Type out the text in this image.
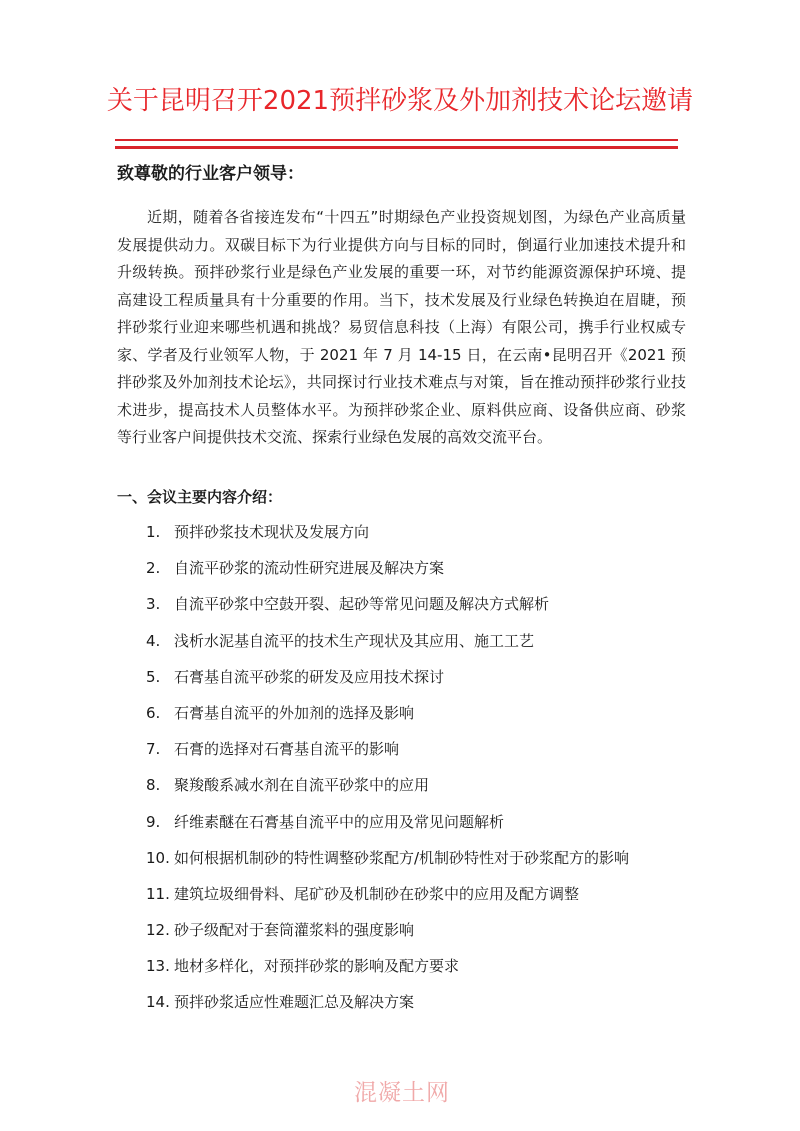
关于昆明召开2021预拌砂浆及外加剂技术论坛邀请
致尊敬的行业客户领导：
近期，随着各省接连发布“十四五”时期绿色产业投资规划图，为绿色产业高质量发展提供动力。双碳目标下为行业提供方向与目标的同时，倒逼行业加速技术提升和升级转换。预拌砂浆行业是绿色产业发展的重要一环，对节约能源资源保护环境、提高建设工程质量具有十分重要的作用。当下，技术发展及行业绿色转换迫在眉睫，预拌砂浆行业迎来哪些机遇和挑战？易贸信息科技（上海）有限公司，携手行业权威专家、学者及行业领军人物，于 2021 年 7 月 14-15 日，在云南•昆明召开《2021 预拌砂浆及外加剂技术论坛》，共同探讨行业技术难点与对策，旨在推动预拌砂浆行业技术进步，提高技术人员整体水平。为预拌砂浆企业、原料供应商、设备供应商、砂浆等行业客户间提供技术交流、探索行业绿色发展的高效交流平台。
一、会议主要内容介绍：
1. 预拌砂浆技术现状及发展方向
2. 自流平砂浆的流动性研究进展及解决方案
3. 自流平砂浆中空鼓开裂、起砂等常见问题及解决方式解析
4. 浅析水泥基自流平的技术生产现状及其应用、施工工艺
5. 石膏基自流平砂浆的研发及应用技术探讨
6. 石膏基自流平的外加剂的选择及影响
7. 石膏的选择对石膏基自流平的影响
8. 聚羧酸系减水剂在自流平砂浆中的应用
9. 纤维素醚在石膏基自流平中的应用及常见问题解析
10. 如何根据机制砂的特性调整砂浆配方/机制砂特性对于砂浆配方的影响
11. 建筑垃圾细骨料、尾矿砂及机制砂在砂浆中的应用及配方调整
12. 砂子级配对于套筒灌浆料的强度影响
13. 地材多样化，对预拌砂浆的影响及配方要求
14. 预拌砂浆适应性难题汇总及解决方案
混凝土网
